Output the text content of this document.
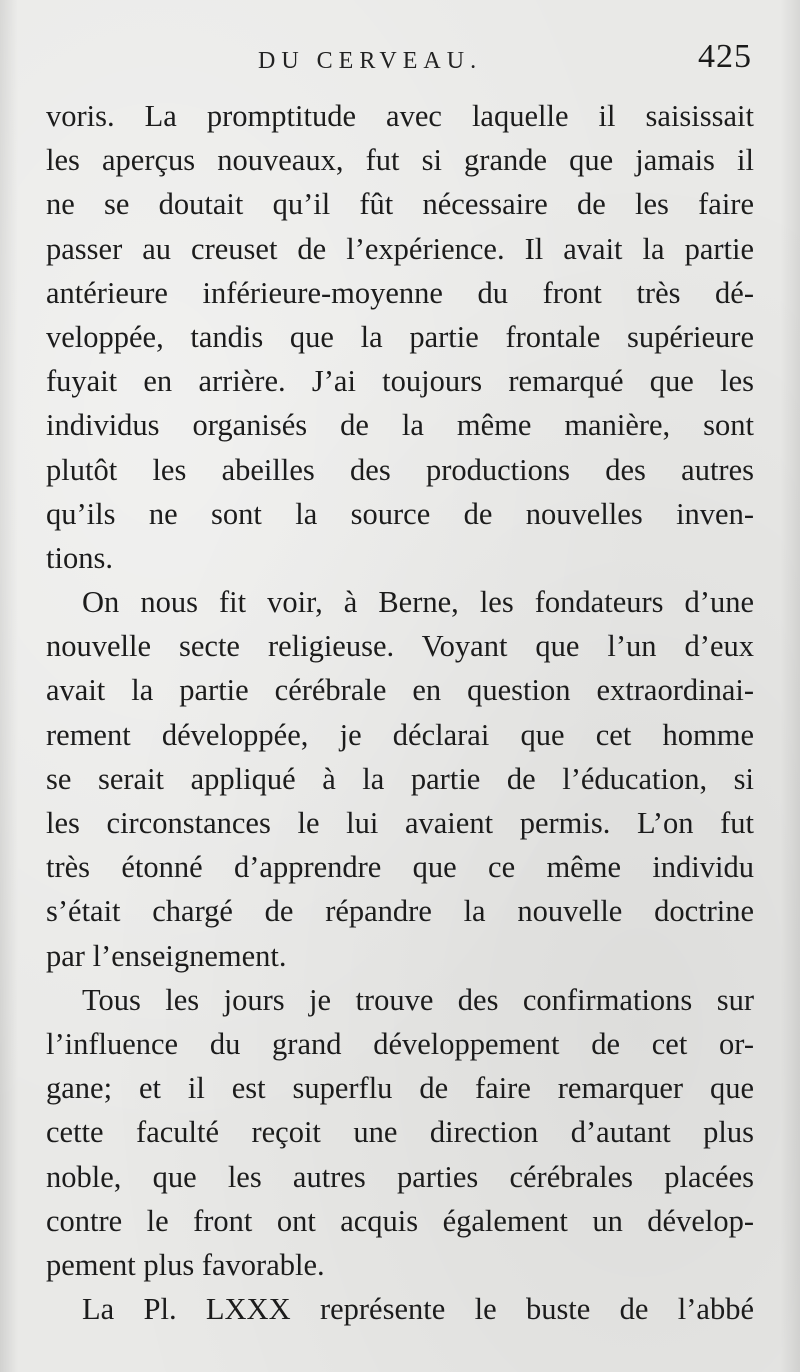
DU CERVEAU.	425
voris. La promptitude avec laquelle il saisissait
les aperçus nouveaux, fut si grande que jamais il
ne se doutait qu’il fût nécessaire de les faire
passer au creuset de l’expérience. Il avait la partie
antérieure inférieure-moyenne du front très dé-
veloppée, tandis que la partie frontale supérieure
fuyait en arrière. J’ai toujours remarqué que les
individus organisés de la même manière, sont
plutôt les abeilles des productions des autres
qu’ils ne sont la source de nouvelles inven-
tions.
On nous fit voir, à Berne, les fondateurs d’une
nouvelle secte religieuse. Voyant que l’un d’eux
avait la partie cérébrale en question extraordinai-
rement développée, je déclarai que cet homme
se serait appliqué à la partie de l’éducation, si
les circonstances le lui avaient permis. L’on fut
très étonné d’apprendre que ce même individu
s’était chargé de répandre la nouvelle doctrine
par l’enseignement.
Tous les jours je trouve des confirmations sur
l’influence du grand développement de cet or-
gane; et il est superflu de faire remarquer que
cette faculté reçoit une direction d’autant plus
noble, que les autres parties cérébrales placées
contre le front ont acquis également un dévelop-
pement plus favorable.
La Pl. LXXX représente le buste de l’abbé
